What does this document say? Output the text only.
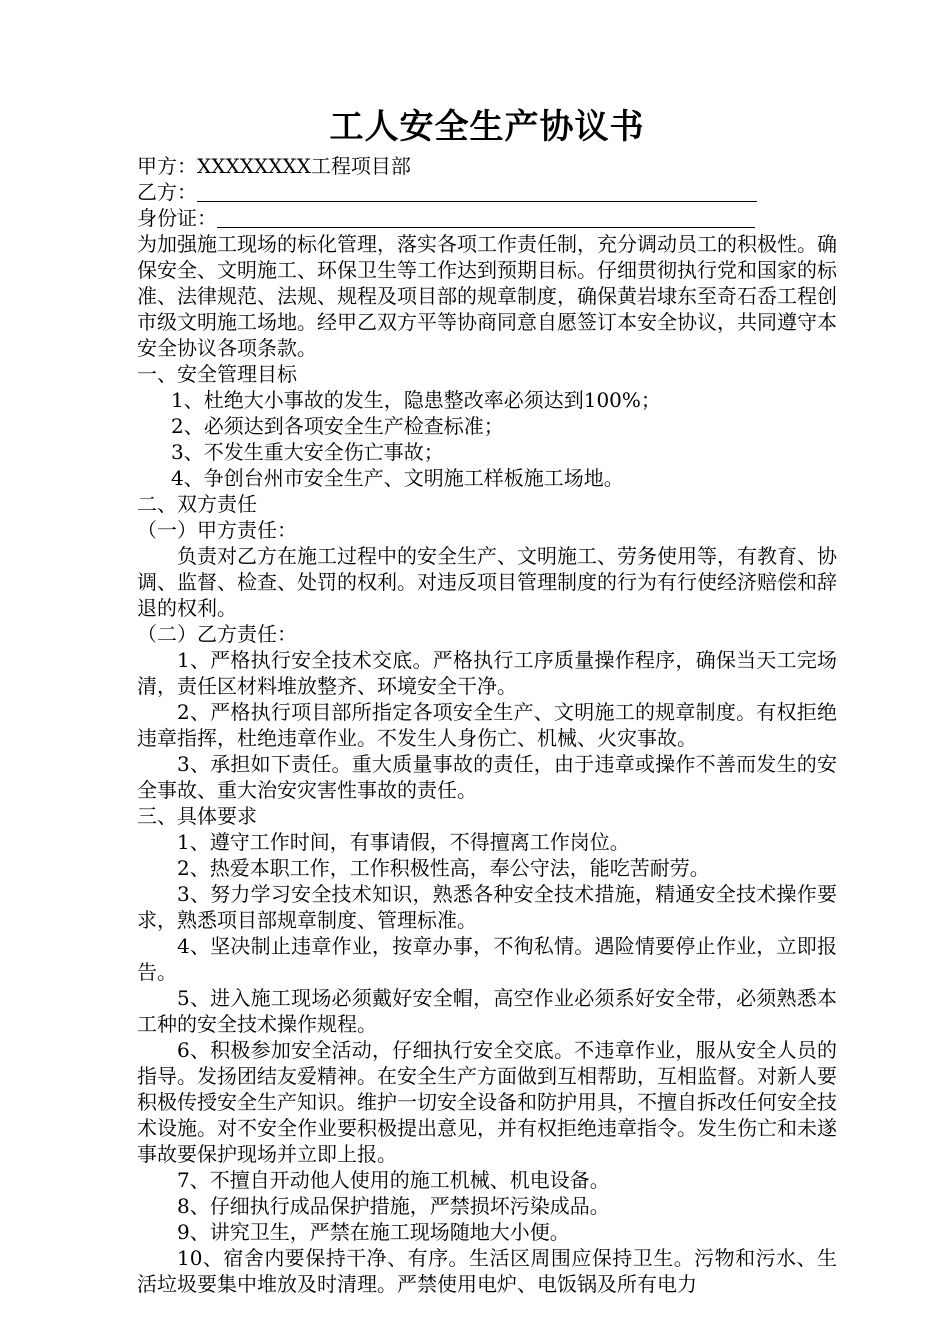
工人安全生产协议书
甲方：XXXXXXXX工程项目部
乙方：
身份证：

为加强施工现场的标化管理，落实各项工作责任制，充分调动员工的积极性。确保安全、文明施工、环保卫生等工作达到预期目标。仔细贯彻执行党和国家的标准、法律规范、法规、规程及项目部的规章制度，确保黄岩埭东至奇石岙工程创市级文明施工场地。经甲乙双方平等协商同意自愿签订本安全协议，共同遵守本安全协议各项条款。

一、安全管理目标
1、杜绝大小事故的发生，隐患整改率必须达到100%；
2、必须达到各项安全生产检查标准；
3、不发生重大安全伤亡事故；
4、争创台州市安全生产、文明施工样板施工场地。
二、双方责任
（一）甲方责任：

负责对乙方在施工过程中的安全生产、文明施工、劳务使用等，有教育、协调、监督、检查、处罚的权利。对违反项目管理制度的行为有行使经济赔偿和辞退的权利。

（二）乙方责任：

1、严格执行安全技术交底。严格执行工序质量操作程序，确保当天工完场清，责任区材料堆放整齐、环境安全干净。

2、严格执行项目部所指定各项安全生产、文明施工的规章制度。有权拒绝违章指挥，杜绝违章作业。不发生人身伤亡、机械、火灾事故。

3、承担如下责任。重大质量事故的责任，由于违章或操作不善而发生的安全事故、重大治安灾害性事故的责任。

三、具体要求

1、遵守工作时间，有事请假，不得擅离工作岗位。

2、热爱本职工作，工作积极性高，奉公守法，能吃苦耐劳。

3、努力学习安全技术知识，熟悉各种安全技术措施，精通安全技术操作要求，熟悉项目部规章制度、管理标准。

4、坚决制止违章作业，按章办事，不徇私情。遇险情要停止作业，立即报告。

5、进入施工现场必须戴好安全帽，高空作业必须系好安全带，必须熟悉本工种的安全技术操作规程。

6、积极参加安全活动，仔细执行安全交底。不违章作业，服从安全人员的指导。发扬团结友爱精神。在安全生产方面做到互相帮助，互相监督。对新人要积极传授安全生产知识。维护一切安全设备和防护用具，不擅自拆改任何安全技术设施。对不安全作业要积极提出意见，并有权拒绝违章指令。发生伤亡和未遂事故要保护现场并立即上报。

7、不擅自开动他人使用的施工机械、机电设备。

8、仔细执行成品保护措施，严禁损坏污染成品。

9、讲究卫生，严禁在施工现场随地大小便。

10、宿舍内要保持干净、有序。生活区周围应保持卫生。污物和污水、生活垃圾要集中堆放及时清理。严禁使用电炉、电饭锅及所有电力
